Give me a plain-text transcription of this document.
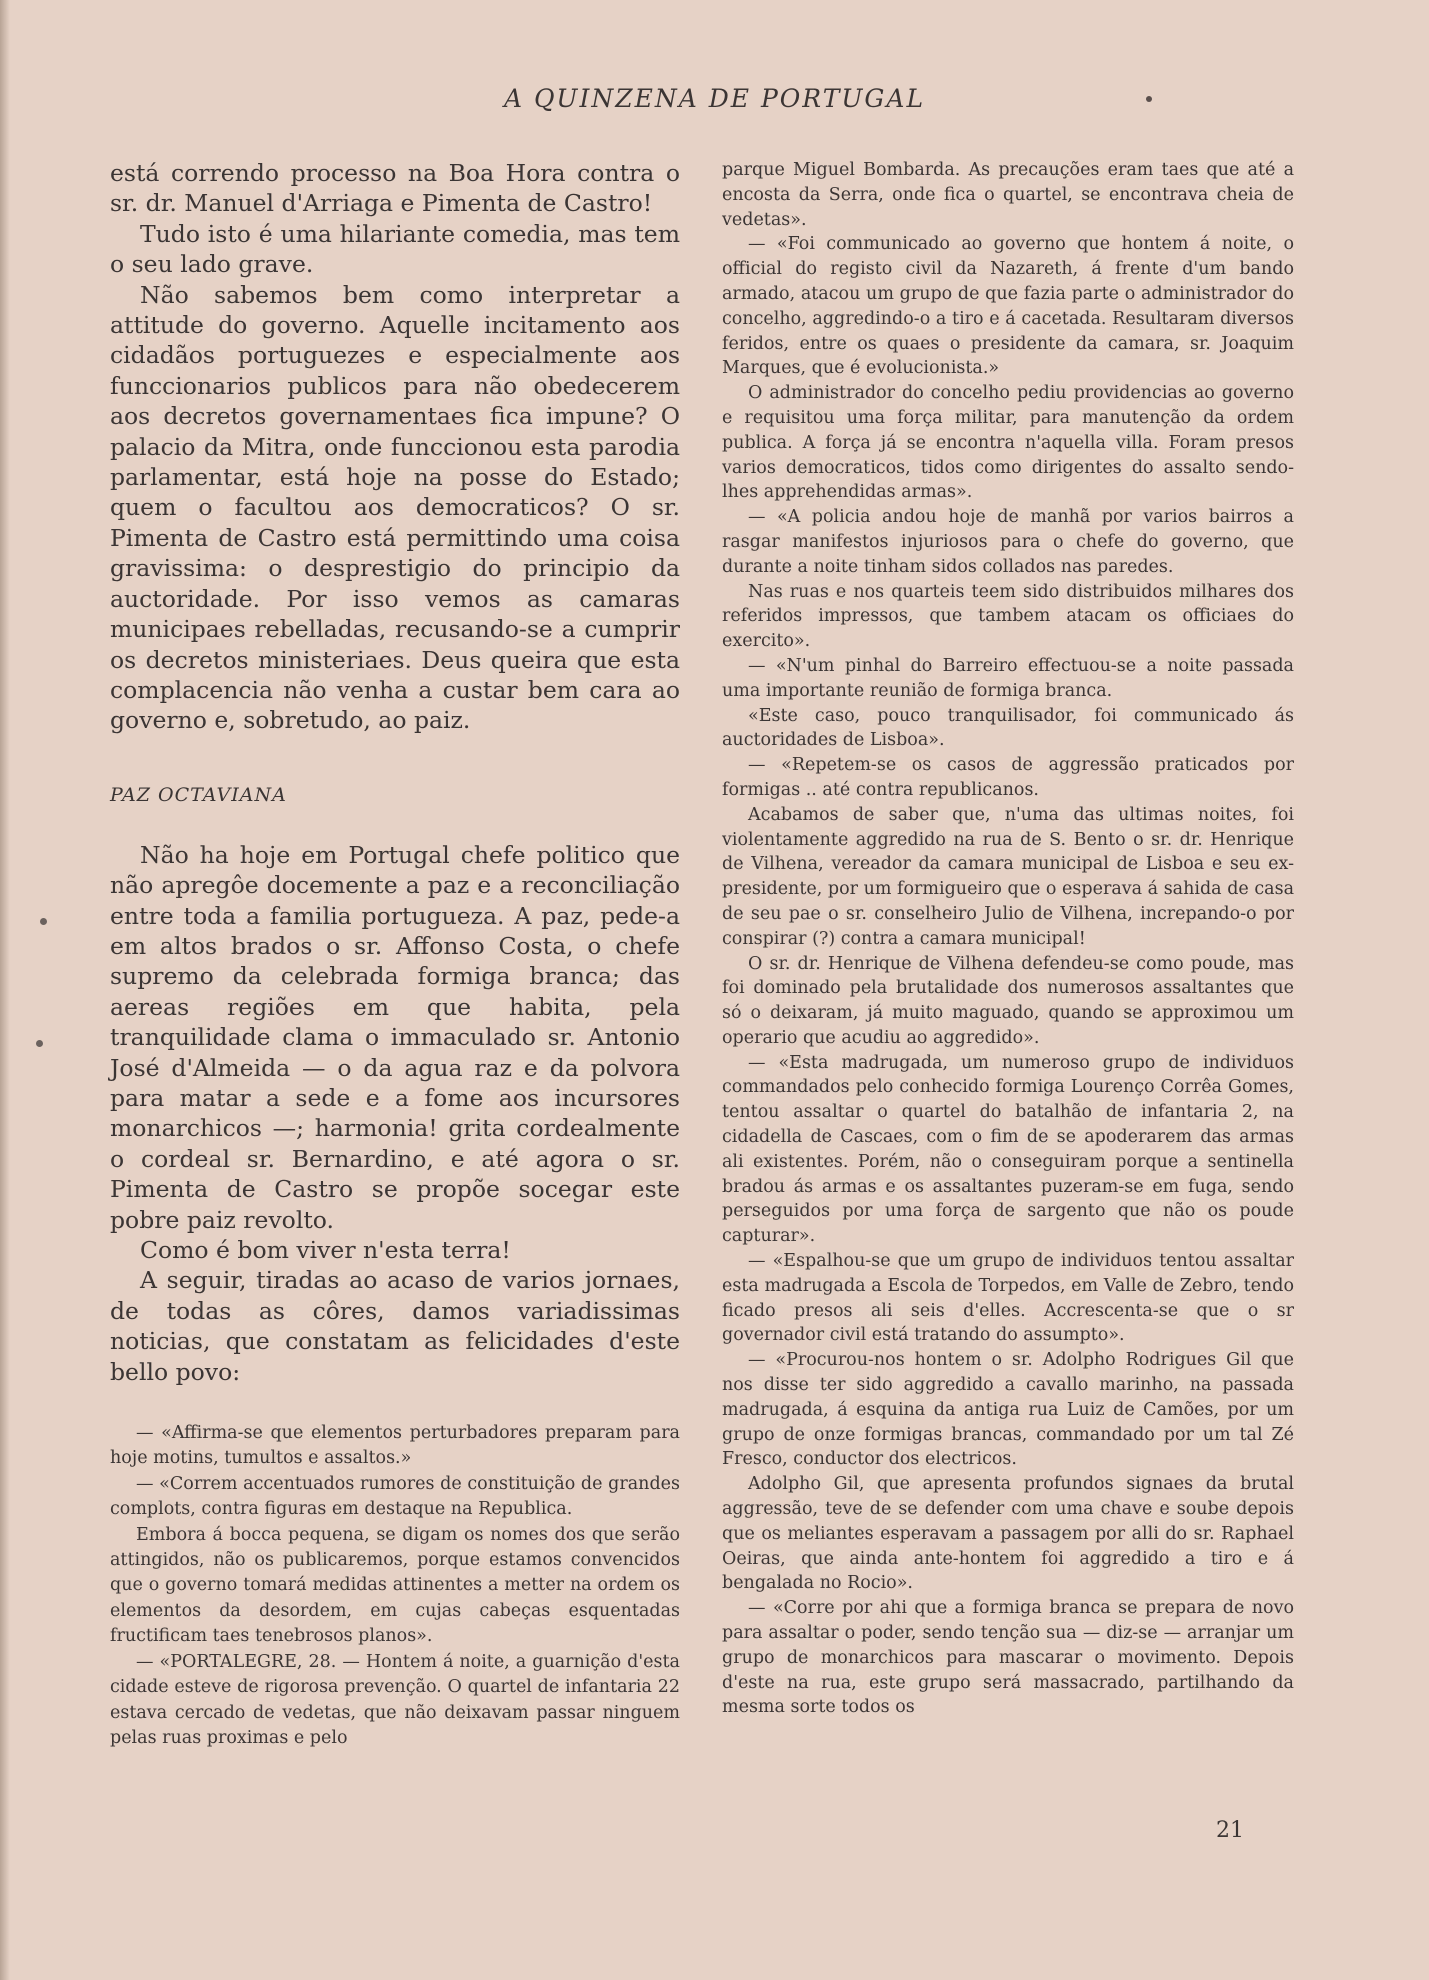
A QUINZENA DE PORTUGAL

está correndo processo na Boa Hora contra o sr. dr. Manuel d'Arriaga e Pimenta de Castro!

Tudo isto é uma hilariante comedia, mas tem o seu lado grave.

Não sabemos bem como interpretar a attitude do governo. Aquelle incitamento aos cidadãos portuguezes e especialmente aos funccionarios publicos para não obedecerem aos decretos governamentaes fica impune? O palacio da Mitra, onde funccionou esta parodia parlamentar, está hoje na posse do Estado; quem o facultou aos democraticos? O sr. Pimenta de Castro está permittindo uma coisa gravissima: o desprestigio do principio da auctoridade. Por isso vemos as camaras municipaes rebelladas, recusando-se a cumprir os decretos ministeriaes. Deus queira que esta complacencia não venha a custar bem cara ao governo e, sobretudo, ao paiz.

PAZ OCTAVIANA

Não ha hoje em Portugal chefe politico que não apregôe docemente a paz e a reconciliação entre toda a familia portugueza. A paz, pede-a em altos brados o sr. Affonso Costa, o chefe supremo da celebrada formiga branca; das aereas regiões em que habita, pela tranquilidade clama o immaculado sr. Antonio José d'Almeida — o da agua raz e da polvora para matar a sede e a fome aos incursores monarchicos —; harmonia! grita cordealmente o cordeal sr. Bernardino, e até agora o sr. Pimenta de Castro se propõe socegar este pobre paiz revolto.

Como é bom viver n'esta terra!

A seguir, tiradas ao acaso de varios jornaes, de todas as côres, damos variadissimas noticias, que constatam as felicidades d'este bello povo:

— «Affirma-se que elementos perturbadores preparam para hoje motins, tumultos e assaltos.»

— «Correm accentuados rumores de constituição de grandes complots, contra figuras em destaque na Republica.

Embora á bocca pequena, se digam os nomes dos que serão attingidos, não os publicaremos, porque estamos convencidos que o governo tomará medidas attinentes a metter na ordem os elementos da desordem, em cujas cabeças esquentadas fructificam taes tenebrosos planos».

— «PORTALEGRE, 28. — Hontem á noite, a guarnição d'esta cidade esteve de rigorosa prevenção. O quartel de infantaria 22 estava cercado de vedetas, que não deixavam passar ninguem pelas ruas proximas e pelo

parque Miguel Bombarda. As precauções eram taes que até a encosta da Serra, onde fica o quartel, se encontrava cheia de vedetas».

— «Foi communicado ao governo que hontem á noite, o official do registo civil da Nazareth, á frente d'um bando armado, atacou um grupo de que fazia parte o administrador do concelho, aggredindo-o a tiro e á cacetada. Resultaram diversos feridos, entre os quaes o presidente da camara, sr. Joaquim Marques, que é evolucionista.»

O administrador do concelho pediu providencias ao governo e requisitou uma força militar, para manutenção da ordem publica. A força já se encontra n'aquella villa. Foram presos varios democraticos, tidos como dirigentes do assalto sendo-lhes apprehendidas armas».

— «A policia andou hoje de manhã por varios bairros a rasgar manifestos injuriosos para o chefe do governo, que durante a noite tinham sidos collados nas paredes.

Nas ruas e nos quarteis teem sido distribuidos milhares dos referidos impressos, que tambem atacam os officiaes do exercito».

— «N'um pinhal do Barreiro effectuou-se a noite passada uma importante reunião de formiga branca.

«Este caso, pouco tranquilisador, foi communicado ás auctoridades de Lisboa».

— «Repetem-se os casos de aggressão praticados por formigas .. até contra republicanos.

Acabamos de saber que, n'uma das ultimas noites, foi violentamente aggredido na rua de S. Bento o sr. dr. Henrique de Vilhena, vereador da camara municipal de Lisboa e seu ex-presidente, por um formigueiro que o esperava á sahida de casa de seu pae o sr. conselheiro Julio de Vilhena, increpando-o por conspirar (?) contra a camara municipal!

O sr. dr. Henrique de Vilhena defendeu-se como poude, mas foi dominado pela brutalidade dos numerosos assaltantes que só o deixaram, já muito maguado, quando se approximou um operario que acudiu ao aggredido».

— «Esta madrugada, um numeroso grupo de individuos commandados pelo conhecido formiga Lourenço Corrêa Gomes, tentou assaltar o quartel do batalhão de infantaria 2, na cidadella de Cascaes, com o fim de se apoderarem das armas ali existentes. Porém, não o conseguiram porque a sentinella bradou ás armas e os assaltantes puzeram-se em fuga, sendo perseguidos por uma força de sargento que não os poude capturar».

— «Espalhou-se que um grupo de individuos tentou assaltar esta madrugada a Escola de Torpedos, em Valle de Zebro, tendo ficado presos ali seis d'elles. Accrescenta-se que o sr governador civil está tratando do assumpto».

— «Procurou-nos hontem o sr. Adolpho Rodrigues Gil que nos disse ter sido aggredido a cavallo marinho, na passada madrugada, á esquina da antiga rua Luiz de Camões, por um grupo de onze formigas brancas, commandado por um tal Zé Fresco, conductor dos electricos.

Adolpho Gil, que apresenta profundos signaes da brutal aggressão, teve de se defender com uma chave e soube depois que os meliantes esperavam a passagem por alli do sr. Raphael Oeiras, que ainda ante-hontem foi aggredido a tiro e á bengalada no Rocio».

— «Corre por ahi que a formiga branca se prepara de novo para assaltar o poder, sendo tenção sua — diz-se — arranjar um grupo de monarchicos para mascarar o movimento. Depois d'este na rua, este grupo será massacrado, partilhando da mesma sorte todos os

21
